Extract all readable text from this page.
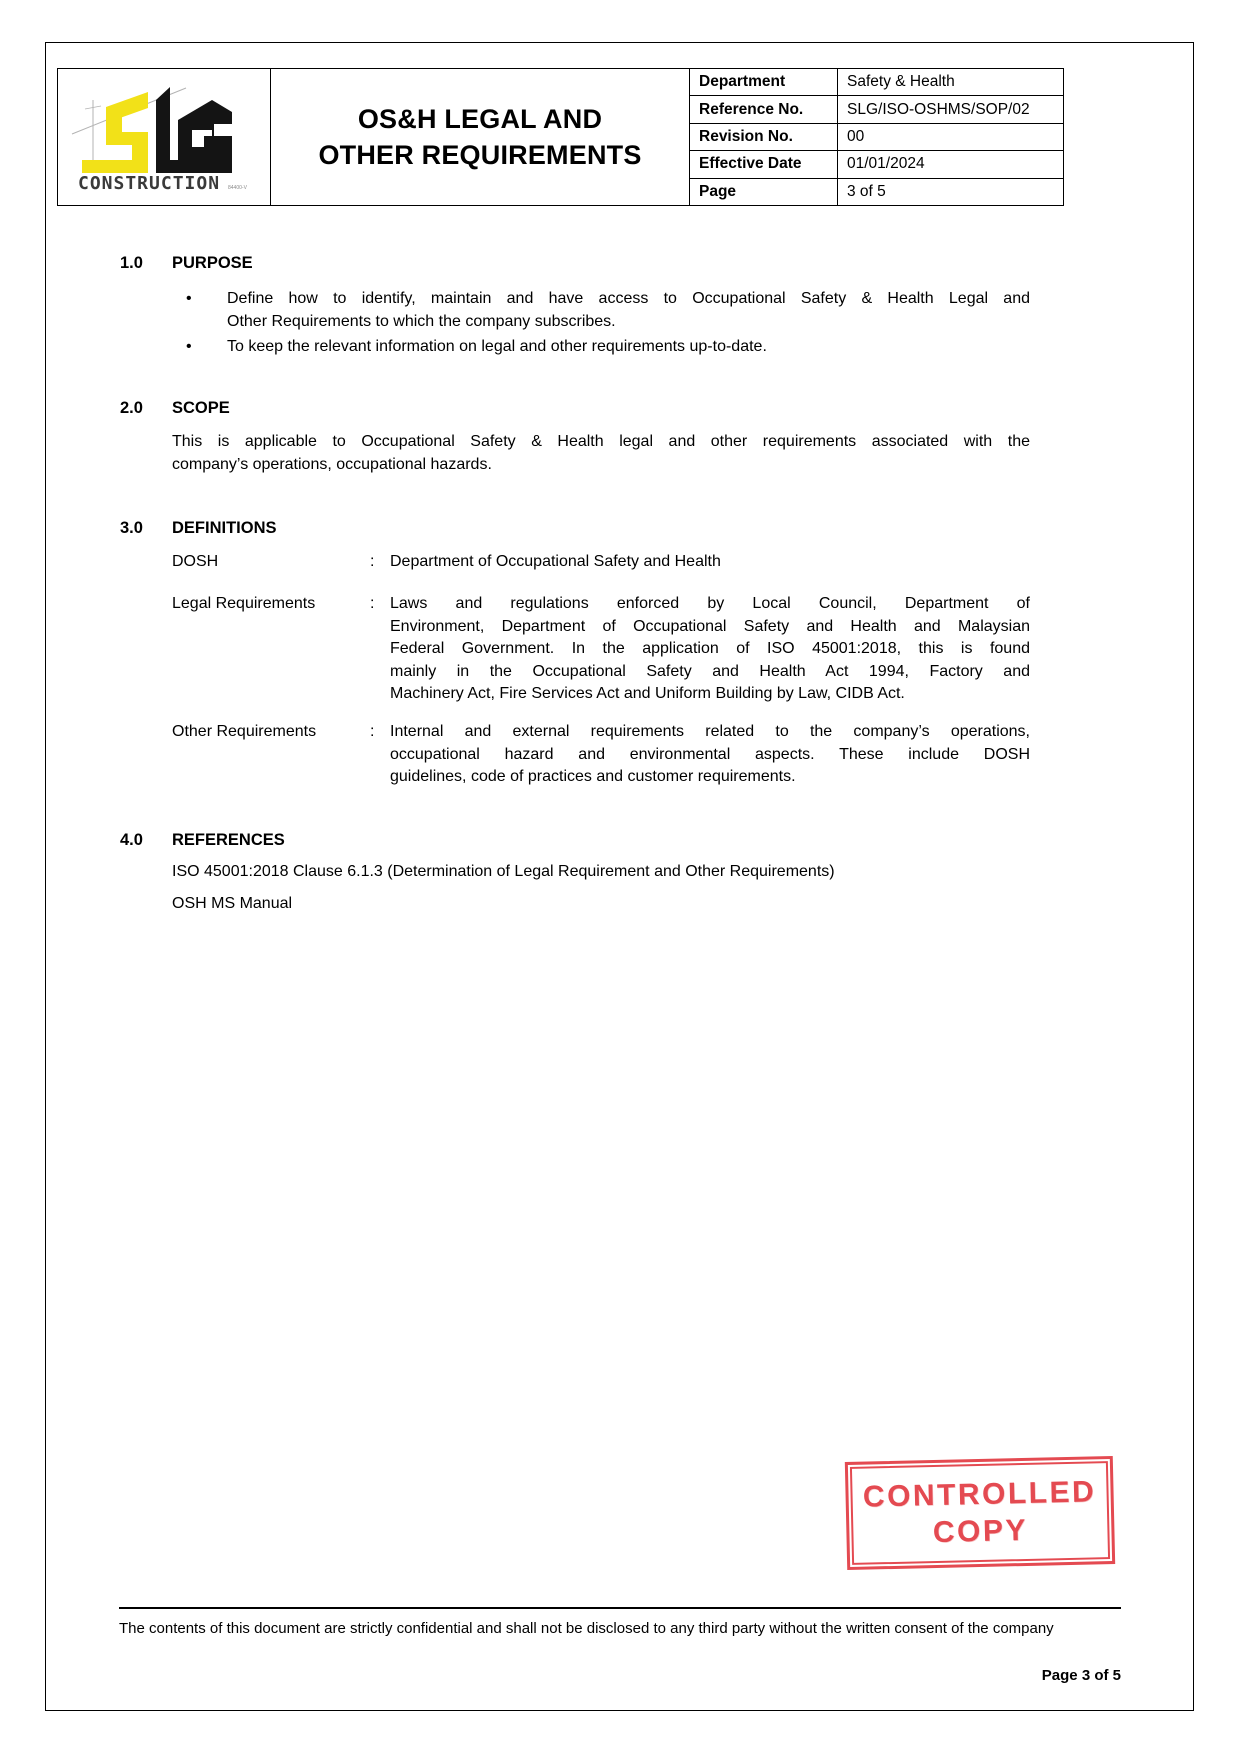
CONSTRUCTION 84400-V
OS&H LEGAL AND
OTHER REQUIREMENTS
Department	Safety & Health
Reference No.	SLG/ISO-OSHMS/SOP/02
Revision No.	00
Effective Date	01/01/2024
Page	3 of 5
1.0	PURPOSE
• Define how to identify, maintain and have access to Occupational Safety & Health Legal and
Other Requirements to which the company subscribes.
• To keep the relevant information on legal and other requirements up-to-date.
2.0	SCOPE
This is applicable to Occupational Safety & Health legal and other requirements associated with the
company’s operations, occupational hazards.
3.0	DEFINITIONS
DOSH	: Department of Occupational Safety and Health
Legal Requirements	: Laws and regulations enforced by Local Council, Department of
Environment, Department of Occupational Safety and Health and Malaysian
Federal Government. In the application of ISO 45001:2018, this is found
mainly in the Occupational Safety and Health Act 1994, Factory and
Machinery Act, Fire Services Act and Uniform Building by Law, CIDB Act.
Other Requirements	: Internal and external requirements related to the company’s operations,
occupational hazard and environmental aspects. These include DOSH
guidelines, code of practices and customer requirements.
4.0	REFERENCES
ISO 45001:2018 Clause 6.1.3 (Determination of Legal Requirement and Other Requirements)
OSH MS Manual
CONTROLLED
COPY
The contents of this document are strictly confidential and shall not be disclosed to any third party without the written consent of the company
Page 3 of 5
